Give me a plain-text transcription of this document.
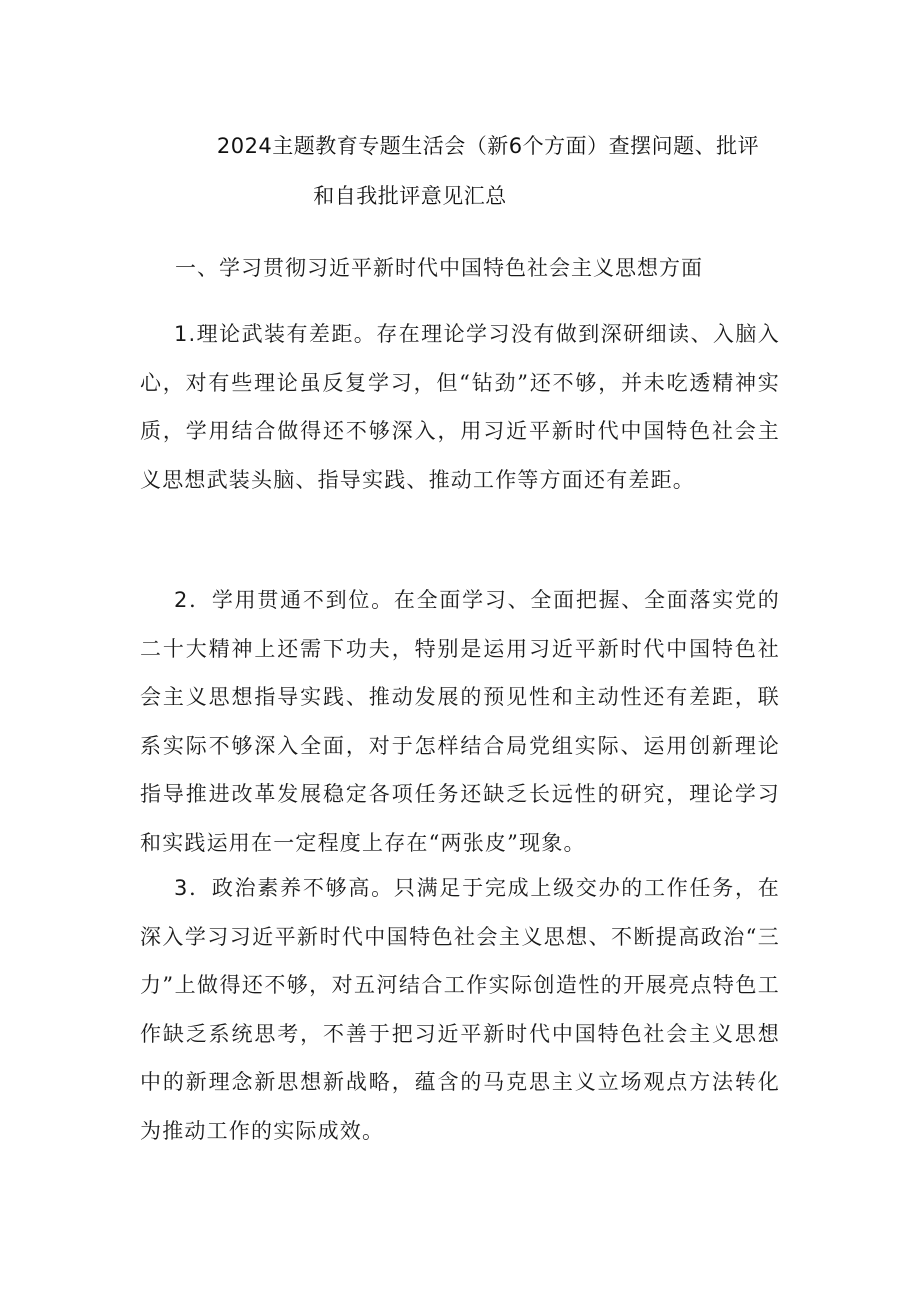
2024主题教育专题生活会（新6个方面）查摆问题、批评
和自我批评意见汇总
一、学习贯彻习近平新时代中国特色社会主义思想方面

1.理论武装有差距。存在理论学习没有做到深研细读、入脑入心，对有些理论虽反复学习，但“钻劲”还不够，并未吃透精神实质，学用结合做得还不够深入，用习近平新时代中国特色社会主义思想武装头脑、指导实践、推动工作等方面还有差距。

2．学用贯通不到位。在全面学习、全面把握、全面落实党的二十大精神上还需下功夫，特别是运用习近平新时代中国特色社会主义思想指导实践、推动发展的预见性和主动性还有差距，联系实际不够深入全面，对于怎样结合局党组实际、运用创新理论指导推进改革发展稳定各项任务还缺乏长远性的研究，理论学习和实践运用在一定程度上存在“两张皮”现象。

3．政治素养不够高。只满足于完成上级交办的工作任务，在深入学习习近平新时代中国特色社会主义思想、不断提高政治“三力”上做得还不够，对五河结合工作实际创造性的开展亮点特色工作缺乏系统思考，不善于把习近平新时代中国特色社会主义思想中的新理念新思想新战略，蕴含的马克思主义立场观点方法转化为推动工作的实际成效。
